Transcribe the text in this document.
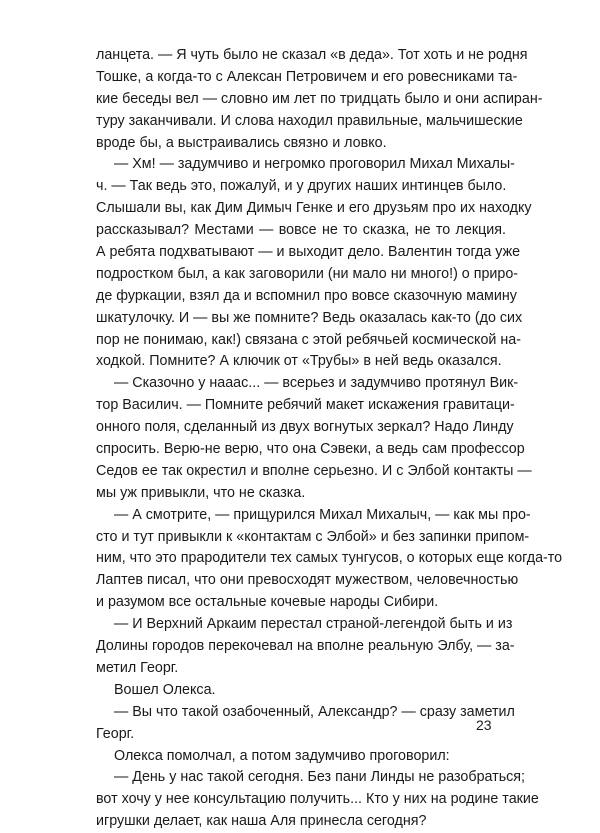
ланцета. — Я чуть было не сказал «в деда». Тот хоть и не родня
Тошке, а когда-то с Алексан Петровичем и его ровесниками та-
кие беседы вел — словно им лет по тридцать было и они аспиран-
туру заканчивали. И слова находил правильные, мальчишеские
вроде бы, а выстраивались связно и ловко.
— Хм! — задумчиво и негромко проговорил Михал Михалы-
ч. — Так ведь это, пожалуй, и у других наших интинцев было.
Слышали вы, как Дим Димыч Генке и его друзьям про их находку
рассказывал? Местами — вовсе не то сказка, не то лекция.
А ребята подхватывают — и выходит дело. Валентин тогда уже
подростком был, а как заговорили (ни мало ни много!) о приро-
де фуркации, взял да и вспомнил про вовсе сказочную мамину
шкатулочку. И — вы же помните? Ведь оказалась как-то (до сих
пор не понимаю, как!) связана с этой ребячьей космической на-
ходкой. Помните? А ключик от «Трубы» в ней ведь оказался.
— Сказочно у нааас... — всерьез и задумчиво протянул Вик-
тор Василич. — Помните ребячий макет искажения гравитаци-
онного поля, сделанный из двух вогнутых зеркал? Надо Линду
спросить. Верю-не верю, что она Сэвеки, а ведь сам профессор
Седов ее так окрестил и вполне серьезно. И с Элбой контакты —
мы уж привыкли, что не сказка.
— А смотрите, — прищурился Михал Михалыч, — как мы про-
сто и тут привыкли к «контактам с Элбой» и без запинки припом-
ним, что это прародители тех самых тунгусов, о которых еще когда-то
Лаптев писал, что они превосходят мужеством, человечностью
и разумом все остальные кочевые народы Сибири.
— И Верхний Аркаим перестал страной-легендой быть и из
Долины городов перекочевал на вполне реальную Элбу, — за-
метил Георг.
Вошел Олекса.
— Вы что такой озабоченный, Александр? — сразу заметил
Георг.
Олекса помолчал, а потом задумчиво проговорил:
— День у нас такой сегодня. Без пани Линды не разобраться;
вот хочу у нее консультацию получить... Кто у них на родине такие
игрушки делает, как наша Аля принесла сегодня?
23
